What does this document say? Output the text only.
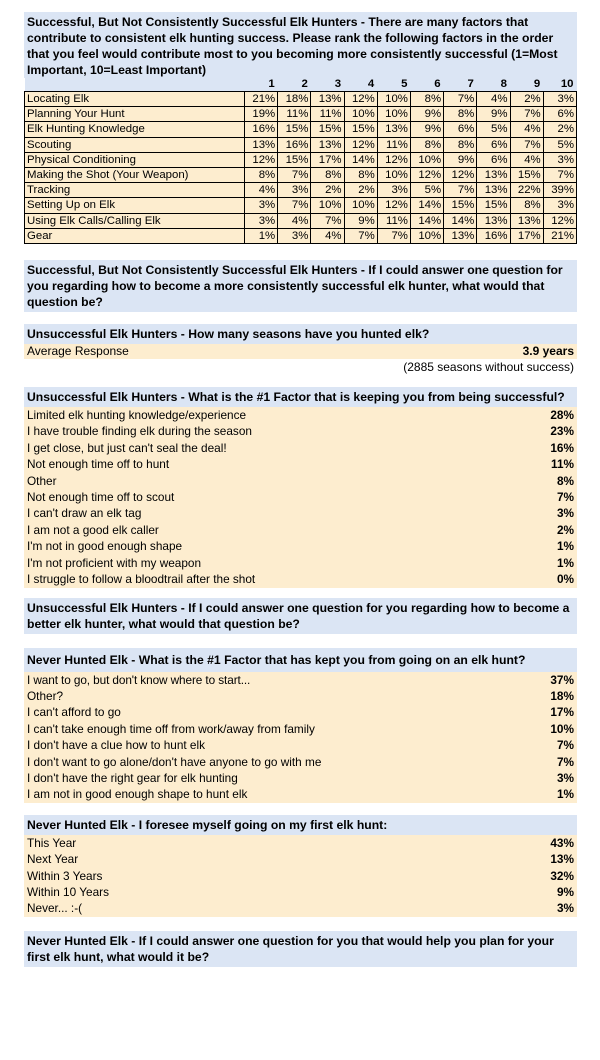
Successful, But Not Consistently Successful Elk Hunters - There are many factors that contribute to consistent elk hunting success. Please rank the following factors in the order that you feel would contribute most to you becoming more consistently successful (1=Most Important, 10=Least Important)
	1	2	3	4	5	6	7	8	9	10
Locating Elk	21%	18%	13%	12%	10%	8%	7%	4%	2%	3%
Planning Your Hunt	19%	11%	11%	10%	10%	9%	8%	9%	7%	6%
Elk Hunting Knowledge	16%	15%	15%	15%	13%	9%	6%	5%	4%	2%
Scouting	13%	16%	13%	12%	11%	8%	8%	6%	7%	5%
Physical Conditioning	12%	15%	17%	14%	12%	10%	9%	6%	4%	3%
Making the Shot (Your Weapon)	8%	7%	8%	8%	10%	12%	12%	13%	15%	7%
Tracking	4%	3%	2%	2%	3%	5%	7%	13%	22%	39%
Setting Up on Elk	3%	7%	10%	10%	12%	14%	15%	15%	8%	3%
Using Elk Calls/Calling Elk	3%	4%	7%	9%	11%	14%	14%	13%	13%	12%
Gear	1%	3%	4%	7%	7%	10%	13%	16%	17%	21%
Successful, But Not Consistently Successful Elk Hunters - If I could answer one question for you regarding how to become a more consistently successful elk hunter, what would that question be?
Unsuccessful Elk Hunters - How many seasons have you hunted elk?
Average Response	3.9 years
(2885 seasons without success)
Unsuccessful Elk Hunters - What is the #1 Factor that is keeping you from being successful?
Limited elk hunting knowledge/experience	28%
I have trouble finding elk during the season	23%
I get close, but just can't seal the deal!	16%
Not enough time off to hunt	11%
Other	8%
Not enough time off to scout	7%
I can't draw an elk tag	3%
I am not a good elk caller	2%
I'm not in good enough shape	1%
I'm not proficient with my weapon	1%
I struggle to follow a bloodtrail after the shot	0%
Unsuccessful Elk Hunters - If I could answer one question for you regarding how to become a better elk hunter, what would that question be?
Never Hunted Elk - What is the #1 Factor that has kept you from going on an elk hunt?
I want to go, but don't know where to start...	37%
Other?	18%
I can't afford to go	17%
I can't take enough time off from work/away from family	10%
I don't have a clue how to hunt elk	7%
I don't want to go alone/don't have anyone to go with me	7%
I don't have the right gear for elk hunting	3%
I am not in good enough shape to hunt elk	1%
Never Hunted Elk - I foresee myself going on my first elk hunt:
This Year	43%
Next Year	13%
Within 3 Years	32%
Within 10 Years	9%
Never... :-(	3%
Never Hunted Elk - If I could answer one question for you that would help you plan for your first elk hunt, what would it be?
